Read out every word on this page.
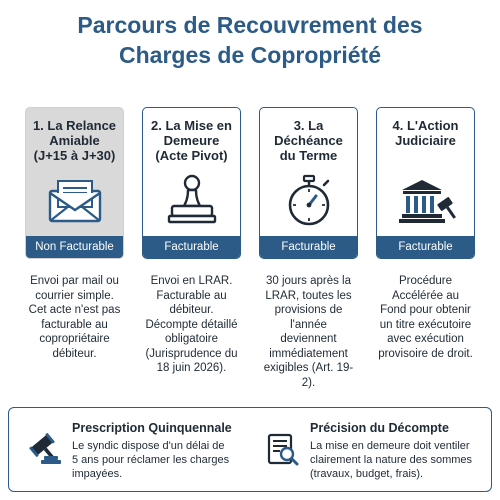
Parcours de Recouvrement des
Charges de Copropriété
1. La Relance
Amiable
(J+15 à J+30)
Non Facturable
2. La Mise en
Demeure
(Acte Pivot)
Facturable
3. La
Déchéance
du Terme
Facturable
4. L'Action
Judiciaire
Facturable
Envoi par mail ou
courrier simple.
Cet acte n'est pas
facturable au
copropriétaire
débiteur.
Envoi en LRAR.
Facturable au
débiteur.
Décompte détaillé
obligatoire
(Jurisprudence du
18 juin 2026).
30 jours après la
LRAR, toutes les
provisions de
l'année
deviennent
immédiatement
exigibles (Art. 19-2).
Procédure
Accélérée au
Fond pour obtenir
un titre exécutoire
avec exécution
provisoire de droit.
Prescription Quinquennale
Le syndic dispose d'un délai de
5 ans pour réclamer les charges
impayées.
Précision du Décompte
La mise en demeure doit ventiler
clairement la nature des sommes
(travaux, budget, frais).
